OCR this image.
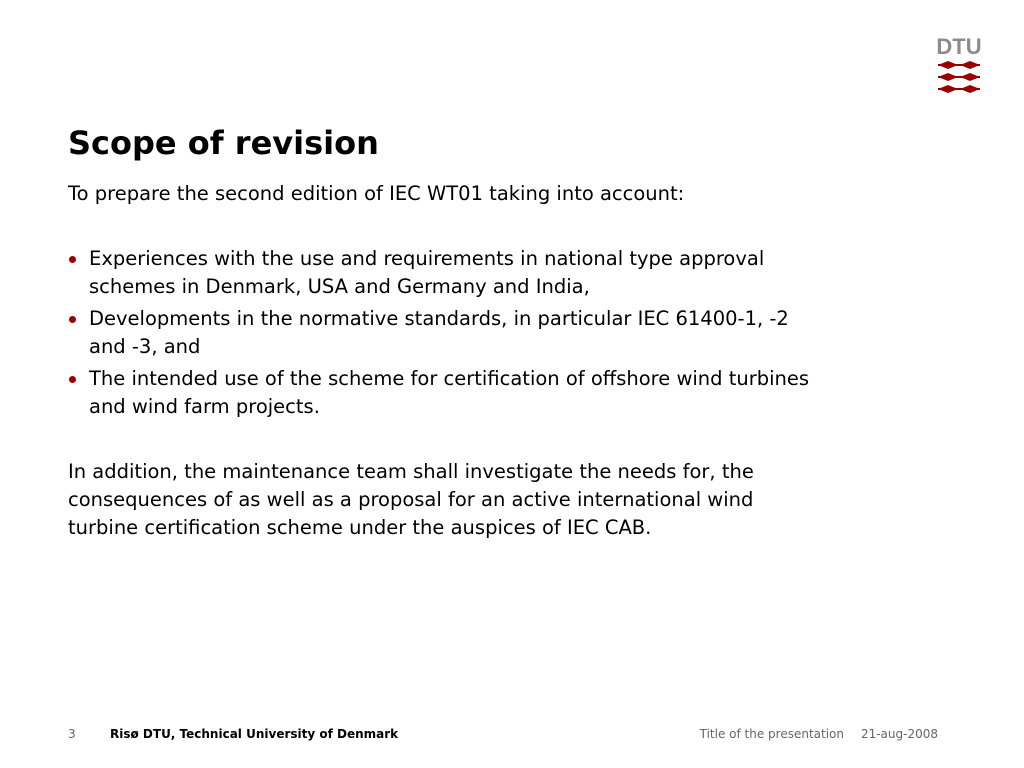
DTU
Scope of revision

To prepare the second edition of IEC WT01 taking into account:

Experiences with the use and requirements in national type approval
schemes in Denmark, USA and Germany and India,
Developments in the normative standards, in particular IEC 61400-1, -2
and -3, and
The intended use of the scheme for certification of offshore wind turbines
and wind farm projects.

In addition, the maintenance team shall investigate the needs for, the
consequences of as well as a proposal for an active international wind
turbine certification scheme under the auspices of IEC CAB.

3	Risø DTU, Technical University of Denmark	Title of the presentation 21-aug-2008
